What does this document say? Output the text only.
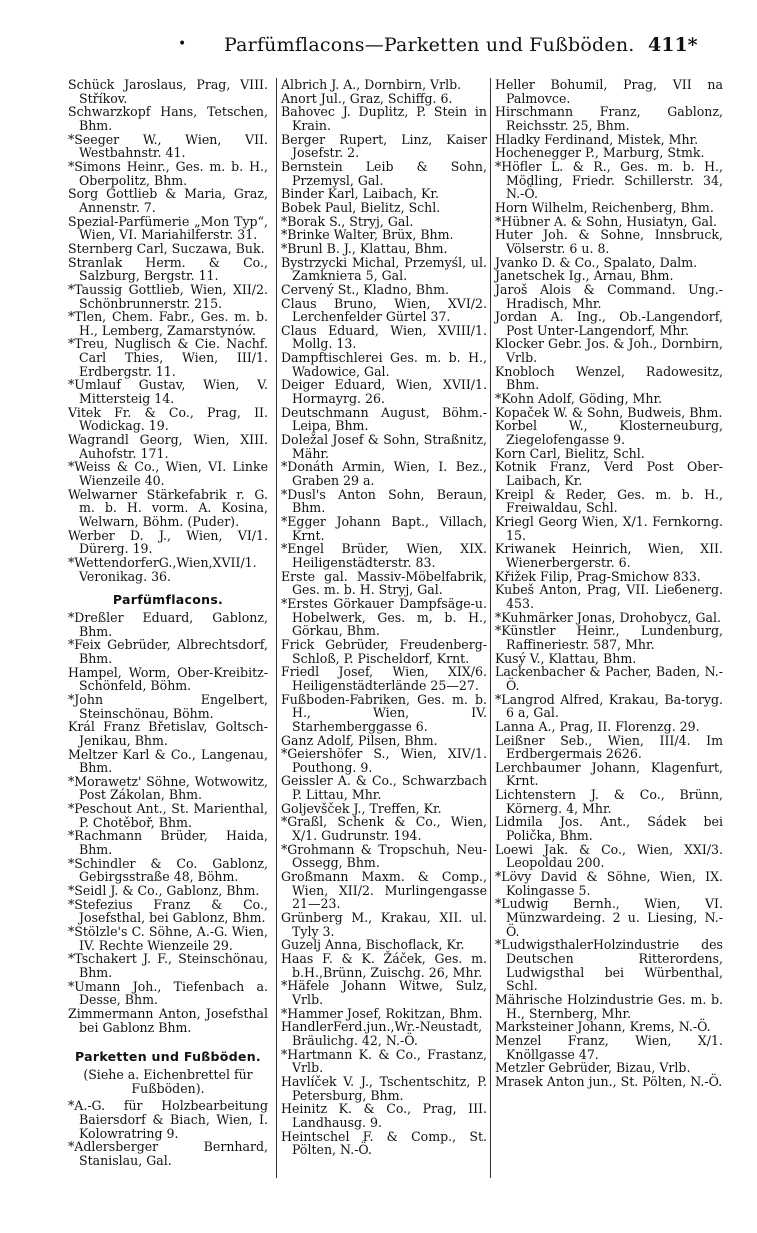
• Parfümflacons—Parketten und Fußböden. 411*
Schück Jaroslaus, Prag, VIII. Stříkov.
Schwarzkopf Hans, Tetschen, Bhm.
*Seeger W., Wien, VII. Westbahnstr. 41.
*Simons Heinr., Ges. m. b. H., Oberpolitz, Bhm.
Sorg Gottlieb & Maria, Graz, Annenstr. 7.
Spezial-Parfümerie „Mon Typ“, Wien, VI. Mariahilferstr. 31.
Sternberg Carl, Suczawa, Buk.
Stranlak Herm. & Co., Salzburg, Bergstr. 11.
*Taussig Gottlieb, Wien, XII/2. Schönbrunnerstr. 215.
*Tlen, Chem. Fabr., Ges. m. b. H., Lemberg, Zamarstynów.
*Treu, Nuglisch & Cie. Nachf. Carl Thies, Wien, III/1. Erdbergstr. 11.
*Umlauf Gustav, Wien, V. Mittersteig 14.
Vitek Fr. & Co., Prag, II. Wodickag. 19.
Wagrandl Georg, Wien, XIII. Auhofstr. 171.
*Weiss & Co., Wien, VI. Linke Wienzeile 40.
Welwarner Stärkefabrik r. G. m. b. H. vorm. A. Kosina, Welwarn, Böhm. (Puder).
Werber D. J., Wien, VI/1. Dürerg. 19.
*WettendorferG.,Wien,XVII/1. Veronikag. 36.
Parfümflacons.
*Dreßler Eduard, Gablonz, Bhm.
*Feix Gebrüder, Albrechtsdorf, Bhm.
Hampel, Worm, Ober-Kreibitz-Schönfeld, Böhm.
*John Engelbert, Steinschönau, Böhm.
Král Franz Břetislav, Goltsch-Jenikau, Bhm.
Meltzer Karl & Co., Langenau, Bhm.
*Morawetz' Söhne, Wotwowitz, Post Zákolan, Bhm.
*Peschout Ant., St. Marienthal, P. Chotěboř, Bhm.
*Rachmann Brüder, Haida, Bhm.
*Schindler & Co. Gablonz, Gebirgsstraße 48, Böhm.
*Seidl J. & Co., Gablonz, Bhm.
*Stefezius Franz & Co., Josefsthal, bei Gablonz, Bhm.
*Stölzle's C. Söhne, A.-G. Wien, IV. Rechte Wienzeile 29.
*Tschakert J. F., Steinschönau, Bhm.
*Umann Joh., Tiefenbach a. Desse, Bhm.
Zimmermann Anton, Josefsthal bei Gablonz Bhm.
Parketten und Fußböden.
(Siehe a. Eichenbrettel für Fußböden).
*A.-G. für Holzbearbeitung Baiersdorf & Biach, Wien, I. Kolowratring 9.
*Adlersberger Bernhard, Stanislau, Gal.
Albrich J. A., Dornbirn, Vrlb.
Anort Jul., Graz, Schiffg. 6.
Bahovec J. Duplitz, P. Stein in Krain.
Berger Rupert, Linz, Kaiser Josefstr. 2.
Bernstein Leib & Sohn, Przemysl, Gal.
Binder Karl, Laibach, Kr.
Bobek Paul, Bielitz, Schl.
*Borak S., Stryj, Gal.
*Brinke Walter, Brüx, Bhm.
*Brunl B. J., Klattau, Bhm.
Bystrzycki Michal, Przemyśl, ul. Zamkniета 5, Gal.
Cervený St., Kladno, Bhm.
Claus Bruno, Wien, XVI/2. Lerchenfelder Gürtel 37.
Claus Eduard, Wien, XVIII/1. Mollg. 13.
Dampftischlerei Ges. m. b. H., Wadowice, Gal.
Deiger Eduard, Wien, XVII/1. Hormayrg. 26.
Deutschmann August, Böhm.-Leipa, Bhm.
Doležal Josef & Sohn, Straßnitz, Mähr.
*Donáth Armin, Wien, I. Bez., Graben 29 a.
*Dusl's Anton Sohn, Beraun, Bhm.
*Egger Johann Bapt., Villach, Krnt.
*Engel Brüder, Wien, XIX. Heiligenstädterstr. 83.
Erste gal. Massiv-Möbelfabrik, Ges. m. b. H. Stryj, Gal.
*Erstes Görkauer Dampfsäge-u. Hobelwerk, Ges. m, b. H., Görkau, Bhm.
Frick Gebrüder, Freudenberg-Schloß, P. Pischeldorf, Krnt.
Friedl Josef, Wien, XIX/6. Heiligenstädterlände 25—27.
Fußboden-Fabriken, Ges. m. b. H., Wien, IV. Starhemberggasse 6.
Ganz Adolf, Pilsen, Bhm.
*Geiershöfer S., Wien, XIV/1. Pouthong. 9.
Geissler A. & Co., Schwarzbach P. Littau, Mhr.
Goljevšček J., Treffen, Kr.
*Graßl, Schenk & Co., Wien, X/1. Gudrunstr. 194.
*Grohmann & Tropschuh, Neu-Ossegg, Bhm.
Großmann Maxm. & Comp., Wien, XII/2. Murlingengasse 21—23.
Grünberg M., Krakau, XII. ul. Tyly 3.
Guzelj Anna, Bischoflack, Kr.
Haas F. & K. Žáček, Ges. m. b.H.,Brünn, Zuischg. 26, Mhr.
*Häfele Johann Witwe, Sulz, Vrlb.
*Hammer Josef, Rokitzan, Bhm.
HandlerFerd.jun.,Wr.-Neustadt, Bräulichg. 42, N.-Ö.
*Hartmann K. & Co., Frastanz, Vrlb.
Havlíček V. J., Tschentschitz, P. Petersburg, Bhm.
Heinitz K. & Co., Prag, III. Landhausg. 9.
Heintschel F. & Comp., St. Pölten, N.-Ö.
Heller Bohumil, Prag, VII na Palmovce.
Hirschmann Franz, Gablonz, Reichsstr. 25, Bhm.
Hladky Ferdinand, Mistek, Mhr.
Hochenegger P., Marburg, Stmk.
*Höfler L. & R., Ges. m. b. H., Mödling, Friedr. Schillerstr. 34, N.-Ö.
Horn Wilhelm, Reichenberg, Bhm.
*Hübner A. & Sohn, Husiatyn, Gal.
Huter Joh. & Sohne, Innsbruck, Völserstr. 6 u. 8.
Jvanko D. & Co., Spalato, Dalm.
Janetschek Ig., Arnau, Bhm.
Jaroš Alois & Command. Ung.-Hradisch, Mhr.
Jordan A. Ing., Ob.-Langendorf, Post Unter-Langendorf, Mhr.
Klocker Gebr. Jos. & Joh., Dornbirn, Vrlb.
Knobloch Wenzel, Radowesitz, Bhm.
*Kohn Adolf, Göding, Mhr.
Kopaček W. & Sohn, Budweis, Bhm.
Korbel W., Klosterneuburg, Ziegelofengasse 9.
Korn Carl, Bielitz, Schl.
Kotnik Franz, Verd Post Ober-Laibach, Kr.
Kreipl & Reder, Ges. m. b. H., Freiwaldau, Schl.
Kriegl Georg Wien, X/1. Fernkorng. 15.
Kriwanek Heinrich, Wien, XII. Wienerbergerstr. 6.
Křižek Filip, Prag-Smichow 833.
Kubeš Anton, Prag, VII. Lieбenerg. 453.
*Kuhmärker Jonas, Drohobycz, Gal.
*Künstler Heinr., Lundenburg, Raffineriestr. 587, Mhr.
Kusý V., Klattau, Bhm.
Lackenbacher & Pacher, Baden, N.-Ö.
*Langrod Alfred, Krakau, Ba-toryg. 6 a, Gal.
Lanna A., Prag, II. Florenzg. 29.
Leißner Seb., Wien, III/4. Im Erdbergermais 2626.
Lerchbaumer Johann, Klagenfurt, Krnt.
Lichtenstern J. & Co., Brünn, Körnerg. 4, Mhr.
Lidmila Jos. Ant., Sádek bei Polička, Bhm.
Loewi Jak. & Co., Wien, XXI/3. Leopoldau 200.
*Lövy David & Söhne, Wien, IX. Kolingasse 5.
*Ludwig Bernh., Wien, VI. Münzwardeing. 2 u. Liesing, N.-Ö.
*LudwigsthalerHolzindustrie des Deutschen Ritterordens, Ludwigsthal bei Würbenthal, Schl.
Mährische Holzindustrie Ges. m. b. H., Sternberg, Mhr.
Marksteiner Johann, Krems, N.-Ö.
Menzel Franz, Wien, X/1. Knöllgasse 47.
Metzler Gebrüder, Bizau, Vrlb.
Mrasek Anton jun., St. Pölten, N.-Ö.
